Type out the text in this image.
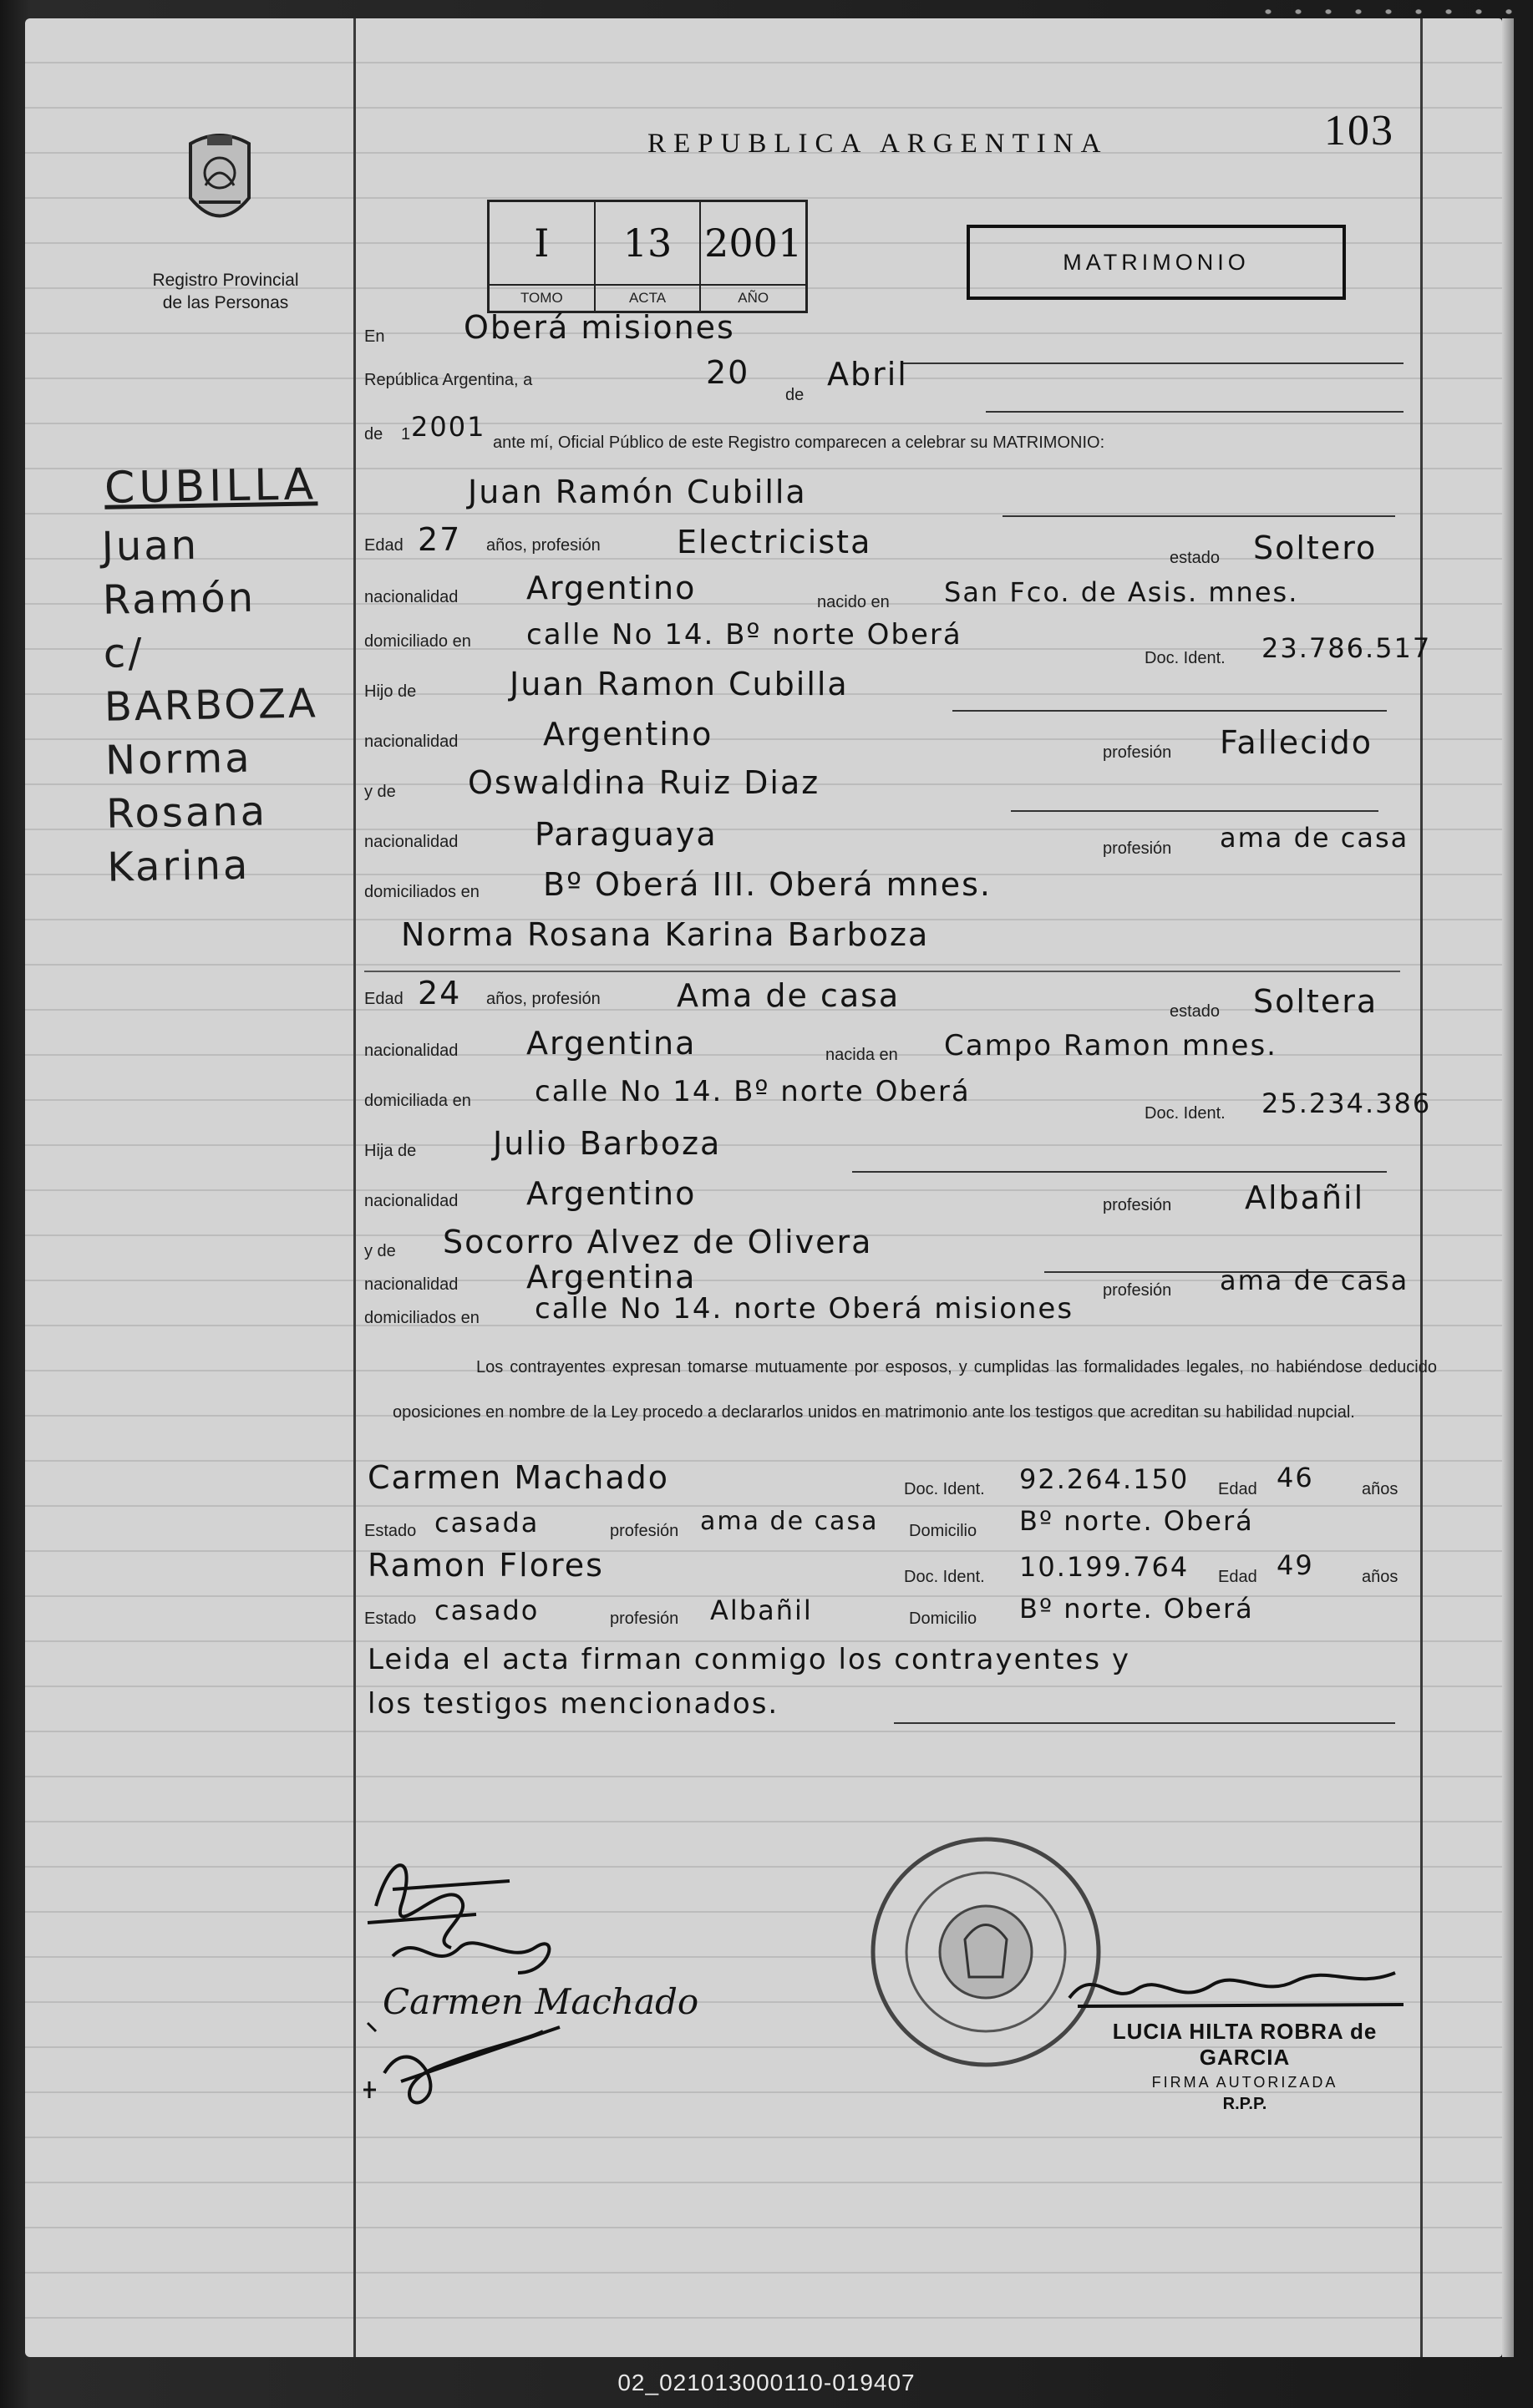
Registro Provincial
de las Personas
REPUBLICA ARGENTINA	103
I
TOMO
13
ACTA
2001
AÑO
MATRIMONIO
CUBILLA
Juan
Ramón
c/
BARBOZA
Norma
Rosana
Karina
En Oberá misiones
República Argentina, a	20
de
Abril
de 1 2001 ante mí, Oficial Público de este Registro comparecen a celebrar su MATRIMONIO:
Juan Ramón Cubilla
Edad 27 años, profesión Electricista	estado Soltero
nacionalidad Argentino	nacido en San Fco. de Asis. mnes.
domiciliado en calle No 14. Bº norte Oberá
Doc. Ident. 23.786.517
Hijo de	Juan Ramon Cubilla
nacionalidad	Argentino	profesión Fallecido
y de Oswaldina Ruiz Diaz
nacionalidad Paraguaya	profesión ama de casa
domiciliados en Bº Oberá III. Oberá mnes.
Norma Rosana Karina Barboza
Edad 24 años, profesión Ama de casa	estado Soltera
nacionalidad Argentina	nacida en Campo Ramon mnes.
domiciliada en calle No 14. Bº norte Oberá
Doc. Ident. 25.234.386
Hija de Julio Barboza
nacionalidad Argentino	profesión Albañil
y de Socorro Alvez de Olivera
nacionalidad Argentina	profesión ama de casa
domiciliados en calle No 14. norte Oberá misiones
Los contrayentes expresan tomarse mutuamente por esposos, y cumplidas las formalidades legales, no habiéndose deducido oposiciones en nombre de la Ley procedo a declararlos unidos en matrimonio ante los testigos que acreditan su habilidad nupcial.
Carmen Machado	Doc. Ident. 92.264.150 Edad 46	años
Estado casada	profesión ama de casa Domicilio Bº norte. Oberá
Ramon Flores	Doc. Ident. 10.199.764 Edad 49	años
Estado casado	profesión Albañil	Domicilio Bº norte. Oberá
Leida el acta firman conmigo los contrayentes y
los testigos mencionados.
Carmen Machado
LUCIA HILTA ROBRA de GARCIA
FIRMA AUTORIZADA
R.P.P.
02_021013000110-019407
